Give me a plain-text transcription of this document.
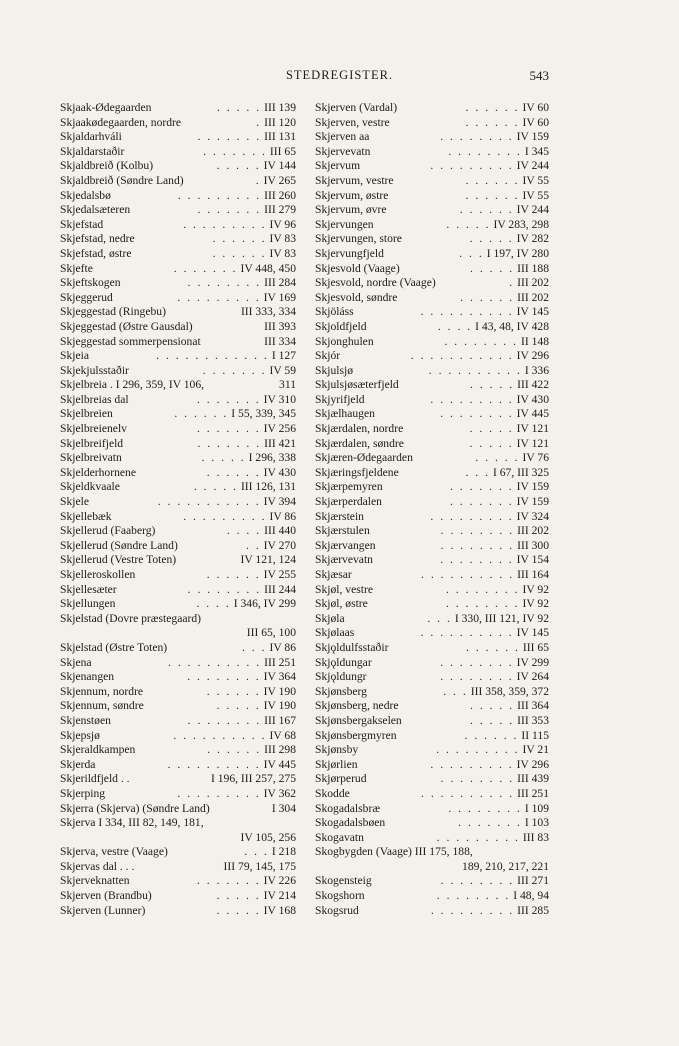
STEDREGISTER.	543
Skjaak-Ødegaarden	. . . . . III 139
Skjaakødegaarden, nordre	. III 120
Skjaldarhváli	. . . . . . . III 131
Skjaldarstaðir	. . . . . . . III 65
Skjaldbreið (Kolbu)	. . . . . IV 144
Skjaldbreið (Søndre Land)	. IV 265
Skjedalsbø	. . . . . . . . . III 260
Skjedalsæteren	. . . . . . . III 279
Skjefstad	. . . . . . . . . IV 96
Skjefstad, nedre	. . . . . . IV 83
Skjefstad, østre	. . . . . . IV 83
Skjefte	. . . . . . . IV 448, 450
Skjeftskogen	. . . . . . . . III 284
Skjeggerud	. . . . . . . . . IV 169
Skjeggestad (Ringebu)	III 333, 334
Skjeggestad (Østre Gausdal)	III 393
Skjeggestad sommerpensionat	III 334
Skjeia	. . . . . . . . . . . . I 127
Skjekjulsstaðir	. . . . . . . IV 59
Skjelbreia . I 296, 359, IV 106,	311
Skjelbreias dal	. . . . . . . IV 310
Skjelbreien	. . . . . . I 55, 339, 345
Skjelbreienelv	. . . . . . . IV 256
Skjelbreifjeld	. . . . . . . III 421
Skjelbreivatn	. . . . . I 296, 338
Skjelderhornene	. . . . . . IV 430
Skjeldkvaale	. . . . . III 126, 131
Skjele	. . . . . . . . . . . IV 394
Skjellebæk	. . . . . . . . . IV 86
Skjellerud (Faaberg)	. . . . III 440
Skjellerud (Søndre Land)	. . IV 270
Skjellerud (Vestre Toten)	IV 121, 124
Skjelleroskollen	. . . . . . IV 255
Skjellesæter	. . . . . . . . III 244
Skjellungen	. . . . I 346, IV 299
Skjelstad (Dovre præstegaard)
III 65, 100
Skjelstad (Østre Toten)	. . . IV 86
Skjena	. . . . . . . . . . III 251
Skjenangen	. . . . . . . . IV 364
Skjennum, nordre	. . . . . . IV 190
Skjennum, søndre	. . . . . IV 190
Skjenstøen	. . . . . . . . III 167
Skjepsjø	. . . . . . . . . . IV 68
Skjeraldkampen	. . . . . . III 298
Skjerda	. . . . . . . . . . IV 445
Skjerildfjeld . .	I 196, III 257, 275
Skjerping	. . . . . . . . . IV 362
Skjerra (Skjerva) (Søndre Land)	I 304
Skjerva I 334, III 82, 149, 181,
IV 105, 256
Skjerva, vestre (Vaage)	. . . I 218
Skjervas dal . . .	III 79, 145, 175
Skjerveknatten	. . . . . . . IV 226
Skjerven (Brandbu)	. . . . . IV 214
Skjerven (Lunner)	. . . . . IV 168
Skjerven (Vardal)	. . . . . . IV 60
Skjerven, vestre	. . . . . . IV 60
Skjerven aa	. . . . . . . . IV 159
Skjervevatn	. . . . . . . . I 345
Skjervum	. . . . . . . . . IV 244
Skjervum, vestre	. . . . . . IV 55
Skjervum, østre	. . . . . . IV 55
Skjervum, øvre	. . . . . . IV 244
Skjervungen	. . . . . IV 283, 298
Skjervungen, store	. . . . . IV 282
Skjervungfjeld	. . . I 197, IV 280
Skjesvold (Vaage)	. . . . . III 188
Skjesvold, nordre (Vaage)	. III 202
Skjesvold, søndre	. . . . . . III 202
Skjöláss	. . . . . . . . . . IV 145
Skjoldfjeld	. . . . I 43, 48, IV 428
Skjonghulen	. . . . . . . . II 148
Skjór	. . . . . . . . . . . IV 296
Skjulsjø	. . . . . . . . . . I 336
Skjulsjøsæterfjeld	. . . . . III 422
Skjyrifjeld	. . . . . . . . . IV 430
Skjælhaugen	. . . . . . . . IV 445
Skjærdalen, nordre	. . . . . IV 121
Skjærdalen, søndre	. . . . . IV 121
Skjæren-Ødegaarden	. . . . . IV 76
Skjæringsfjeldene	. . . I 67, III 325
Skjærpemyren	. . . . . . . IV 159
Skjærperdalen	. . . . . . . IV 159
Skjærstein	. . . . . . . . . IV 324
Skjærstulen	. . . . . . . . III 202
Skjærvangen	. . . . . . . . III 300
Skjærvevatn	. . . . . . . . IV 154
Skjæsar	. . . . . . . . . . III 164
Skjøl, vestre	. . . . . . . . IV 92
Skjøl, østre	. . . . . . . . IV 92
Skjøla	. . . I 330, III 121, IV 92
Skjølaas	. . . . . . . . . . IV 145
Skjǫldulfsstaðir	. . . . . . III 65
Skjǫldungar	. . . . . . . . IV 299
Skjǫldungr	. . . . . . . . IV 264
Skjønsberg	. . . III 358, 359, 372
Skjønsberg, nedre	. . . . . III 364
Skjønsbergakselen	. . . . . III 353
Skjønsbergmyren	. . . . . . II 115
Skjønsby	. . . . . . . . . IV 21
Skjørlien	. . . . . . . . . IV 296
Skjørperud	. . . . . . . . III 439
Skodde	. . . . . . . . . . III 251
Skogadalsbræ	. . . . . . . . I 109
Skogadalsbøen	. . . . . . . I 103
Skogavatn	. . . . . . . . . III 83
Skogbygden (Vaage) III 175, 188,
189, 210, 217, 221
Skogensteig	. . . . . . . . III 271
Skogshorn	. . . . . . . . I 48, 94
Skogsrud	. . . . . . . . . III 285
